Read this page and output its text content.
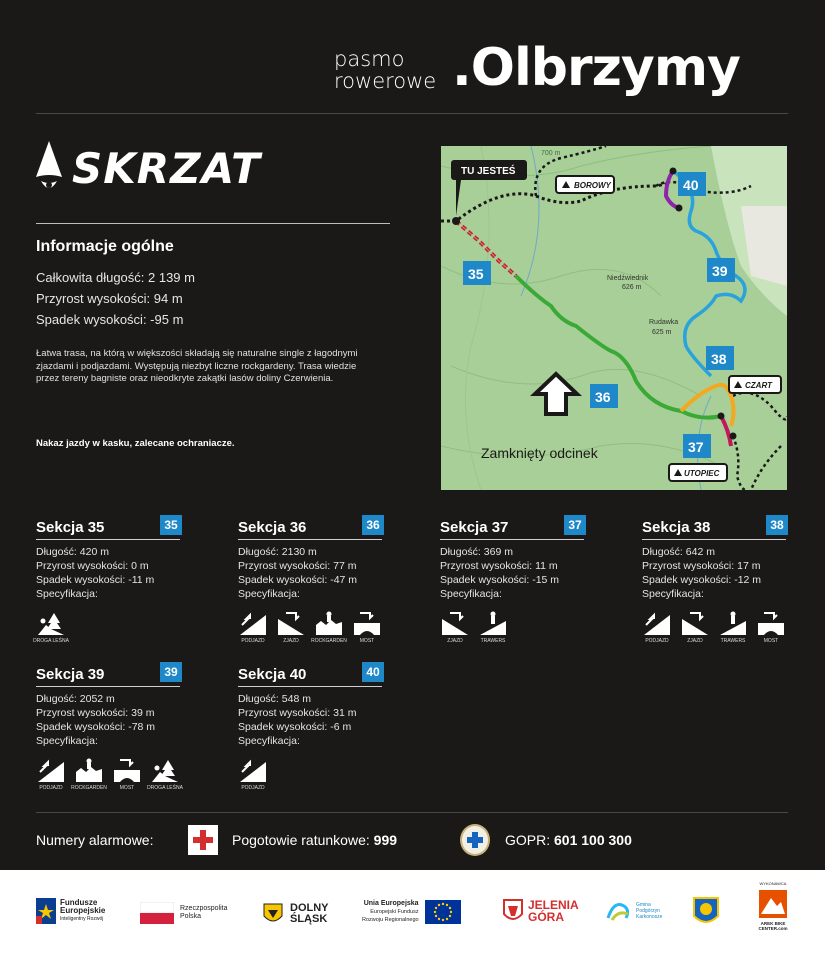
pasmo
rowerowe .Olbrzymy
SKRZAT
Informacje ogólne
Całkowita długość: 2 139 m
Przyrost wysokości: 94 m
Spadek wysokości: -95 m
Łatwa trasa, na którą w większości składają się naturalne single z łagodnymi zjazdami i podjazdami. Występują niezbyt liczne rockgardeny. Trasa wiedzie przez tereny bagniste oraz nieodkryte zakątki lasów doliny Czerwienia.
Nakaz jazdy w kasku, zalecane ochraniacze.
700 m
Niedźwiednik
626 m
Rudawka
625 m
TU JESTEŚ
BOROWY
CZART
UTOPIEC
35
36
37
38
39
40
Zamknięty odcinek
Sekcja 35	35
Długość: 420 m
Przyrost wysokości: 0 m
Spadek wysokości: -11 m
Specyfikacja:
DROGA LEŚNA
Sekcja 36	36
Długość: 2130 m
Przyrost wysokości: 77 m
Spadek wysokości: -47 m
Specyfikacja:
PODJAZD	ZJAZD	ROCKGARDEN	MOST
Sekcja 37	37
Długość: 369 m
Przyrost wysokości: 11 m
Spadek wysokości: -15 m
Specyfikacja:
ZJAZD	TRAWERS
Sekcja 38	38
Długość: 642 m
Przyrost wysokości: 17 m
Spadek wysokości: -12 m
Specyfikacja:
PODJAZD	ZJAZD	TRAWERS	MOST
Sekcja 39	39
Długość: 2052 m
Przyrost wysokości: 39 m
Spadek wysokości: -78 m
Specyfikacja:
PODJAZD	ROCKGARDEN	MOST	DROGA LEŚNA
Sekcja 40	40
Długość: 548 m
Przyrost wysokości: 31 m
Spadek wysokości: -6 m
Specyfikacja:
PODJAZD
Numery alarmowe:	Pogotowie ratunkowe: 999	GOPR: 601 100 300
Fundusze
Europejskie
Inteligentny Rozwój
Rzeczpospolita
Polska
DOLNY
ŚLĄSK
Unia Europejska
Europejski Fundusz
Rozwoju Regionalnego
JELENIA
GÓRA
Gmina
Podgórzyn
Karkonosze
WYKONAWCA
AREK BIKE
CENTER.com
